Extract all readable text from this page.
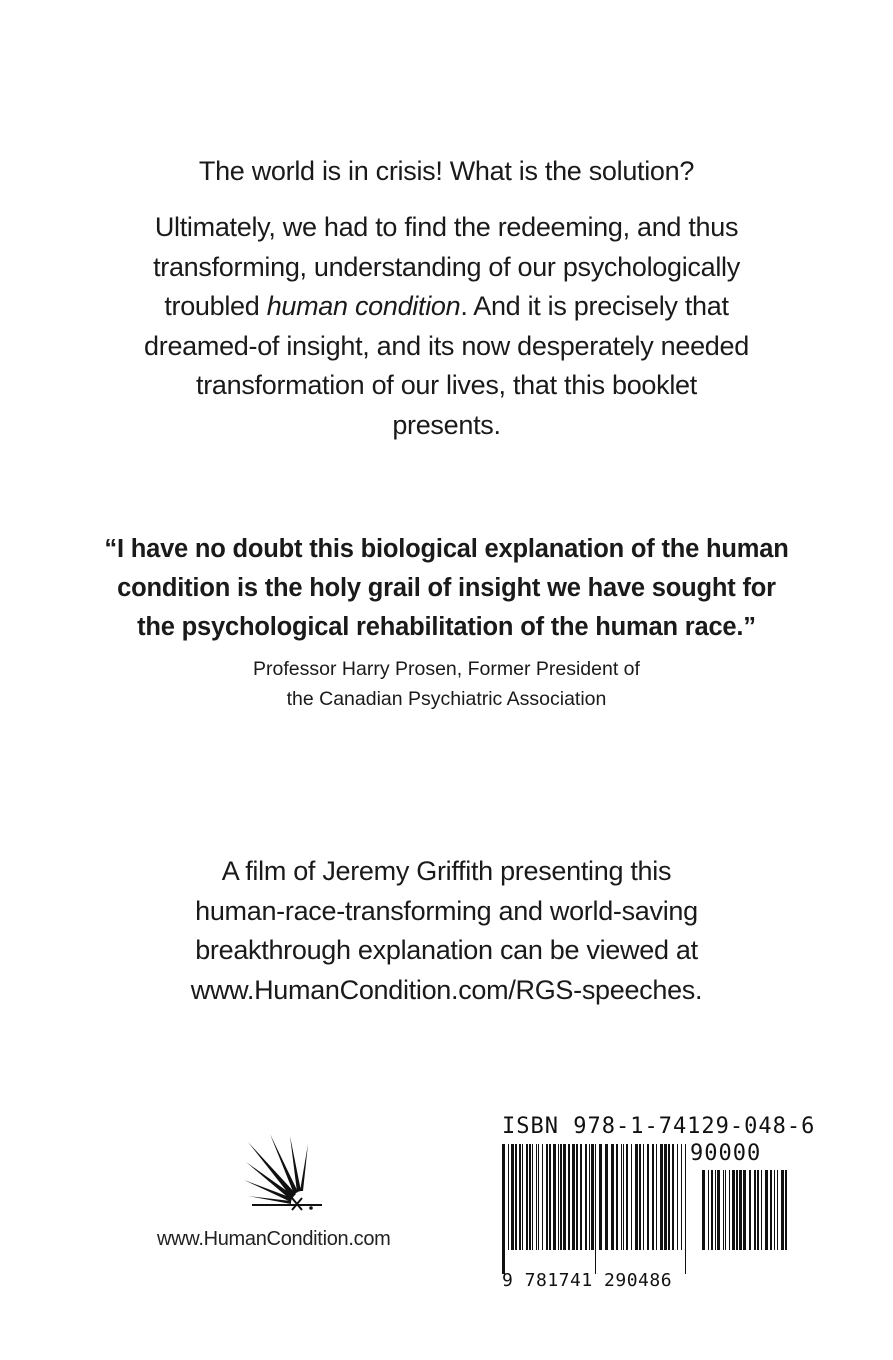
The world is in crisis! What is the solution?
Ultimately, we had to find the redeeming, and thus transforming, understanding of our psychologically troubled human condition. And it is precisely that dreamed-of insight, and its now desperately needed transformation of our lives, that this booklet presents.
“I have no doubt this biological explanation of the human condition is the holy grail of insight we have sought for the psychological rehabilitation of the human race.”
Professor Harry Prosen, Former President of
the Canadian Psychiatric Association
A film of Jeremy Griffith presenting this
human-race-transforming and world-saving
breakthrough explanation can be viewed at
www.HumanCondition.com/RGS-speeches.
www.HumanCondition.com
ISBN 978-1-74129-048-6
90000
9 781741 290486
